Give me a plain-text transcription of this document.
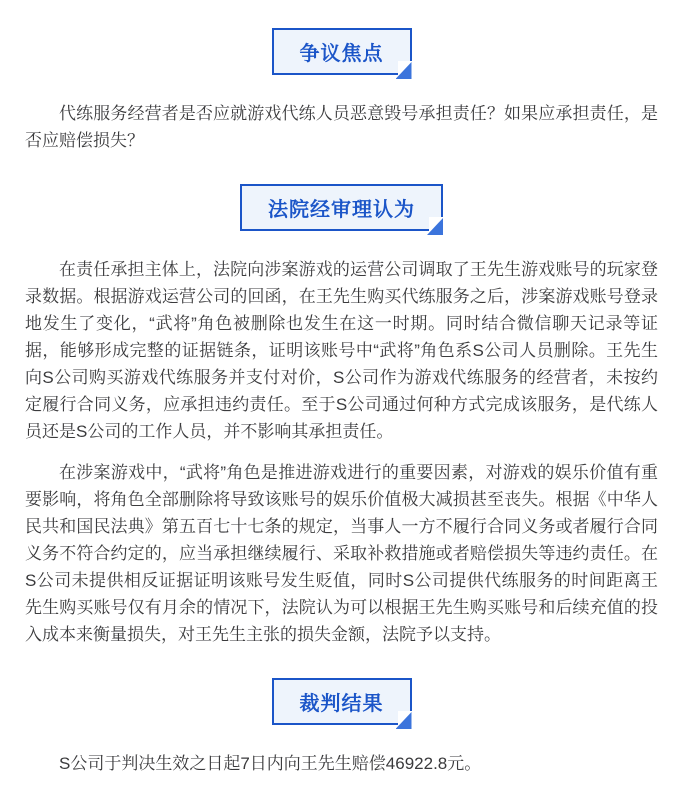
争议焦点

代练服务经营者是否应就游戏代练人员恶意毁号承担责任？如果应承担责任，是否应赔偿损失？

法院经审理认为

在责任承担主体上，法院向涉案游戏的运营公司调取了王先生游戏账号的玩家登录数据。根据游戏运营公司的回函，在王先生购买代练服务之后，涉案游戏账号登录地发生了变化，“武将”角色被删除也发生在这一时期。同时结合微信聊天记录等证据，能够形成完整的证据链条，证明该账号中“武将”角色系S公司人员删除。王先生向S公司购买游戏代练服务并支付对价，S公司作为游戏代练服务的经营者，未按约定履行合同义务，应承担违约责任。至于S公司通过何种方式完成该服务，是代练人员还是S公司的工作人员，并不影响其承担责任。

在涉案游戏中，“武将”角色是推进游戏进行的重要因素，对游戏的娱乐价值有重要影响，将角色全部删除将导致该账号的娱乐价值极大减损甚至丧失。根据《中华人民共和国民法典》第五百七十七条的规定，当事人一方不履行合同义务或者履行合同义务不符合约定的，应当承担继续履行、采取补救措施或者赔偿损失等违约责任。在S公司未提供相反证据证明该账号发生贬值，同时S公司提供代练服务的时间距离王先生购买账号仅有月余的情况下，法院认为可以根据王先生购买账号和后续充值的投入成本来衡量损失，对王先生主张的损失金额，法院予以支持。

裁判结果

S公司于判决生效之日起7日内向王先生赔偿46922.8元。
